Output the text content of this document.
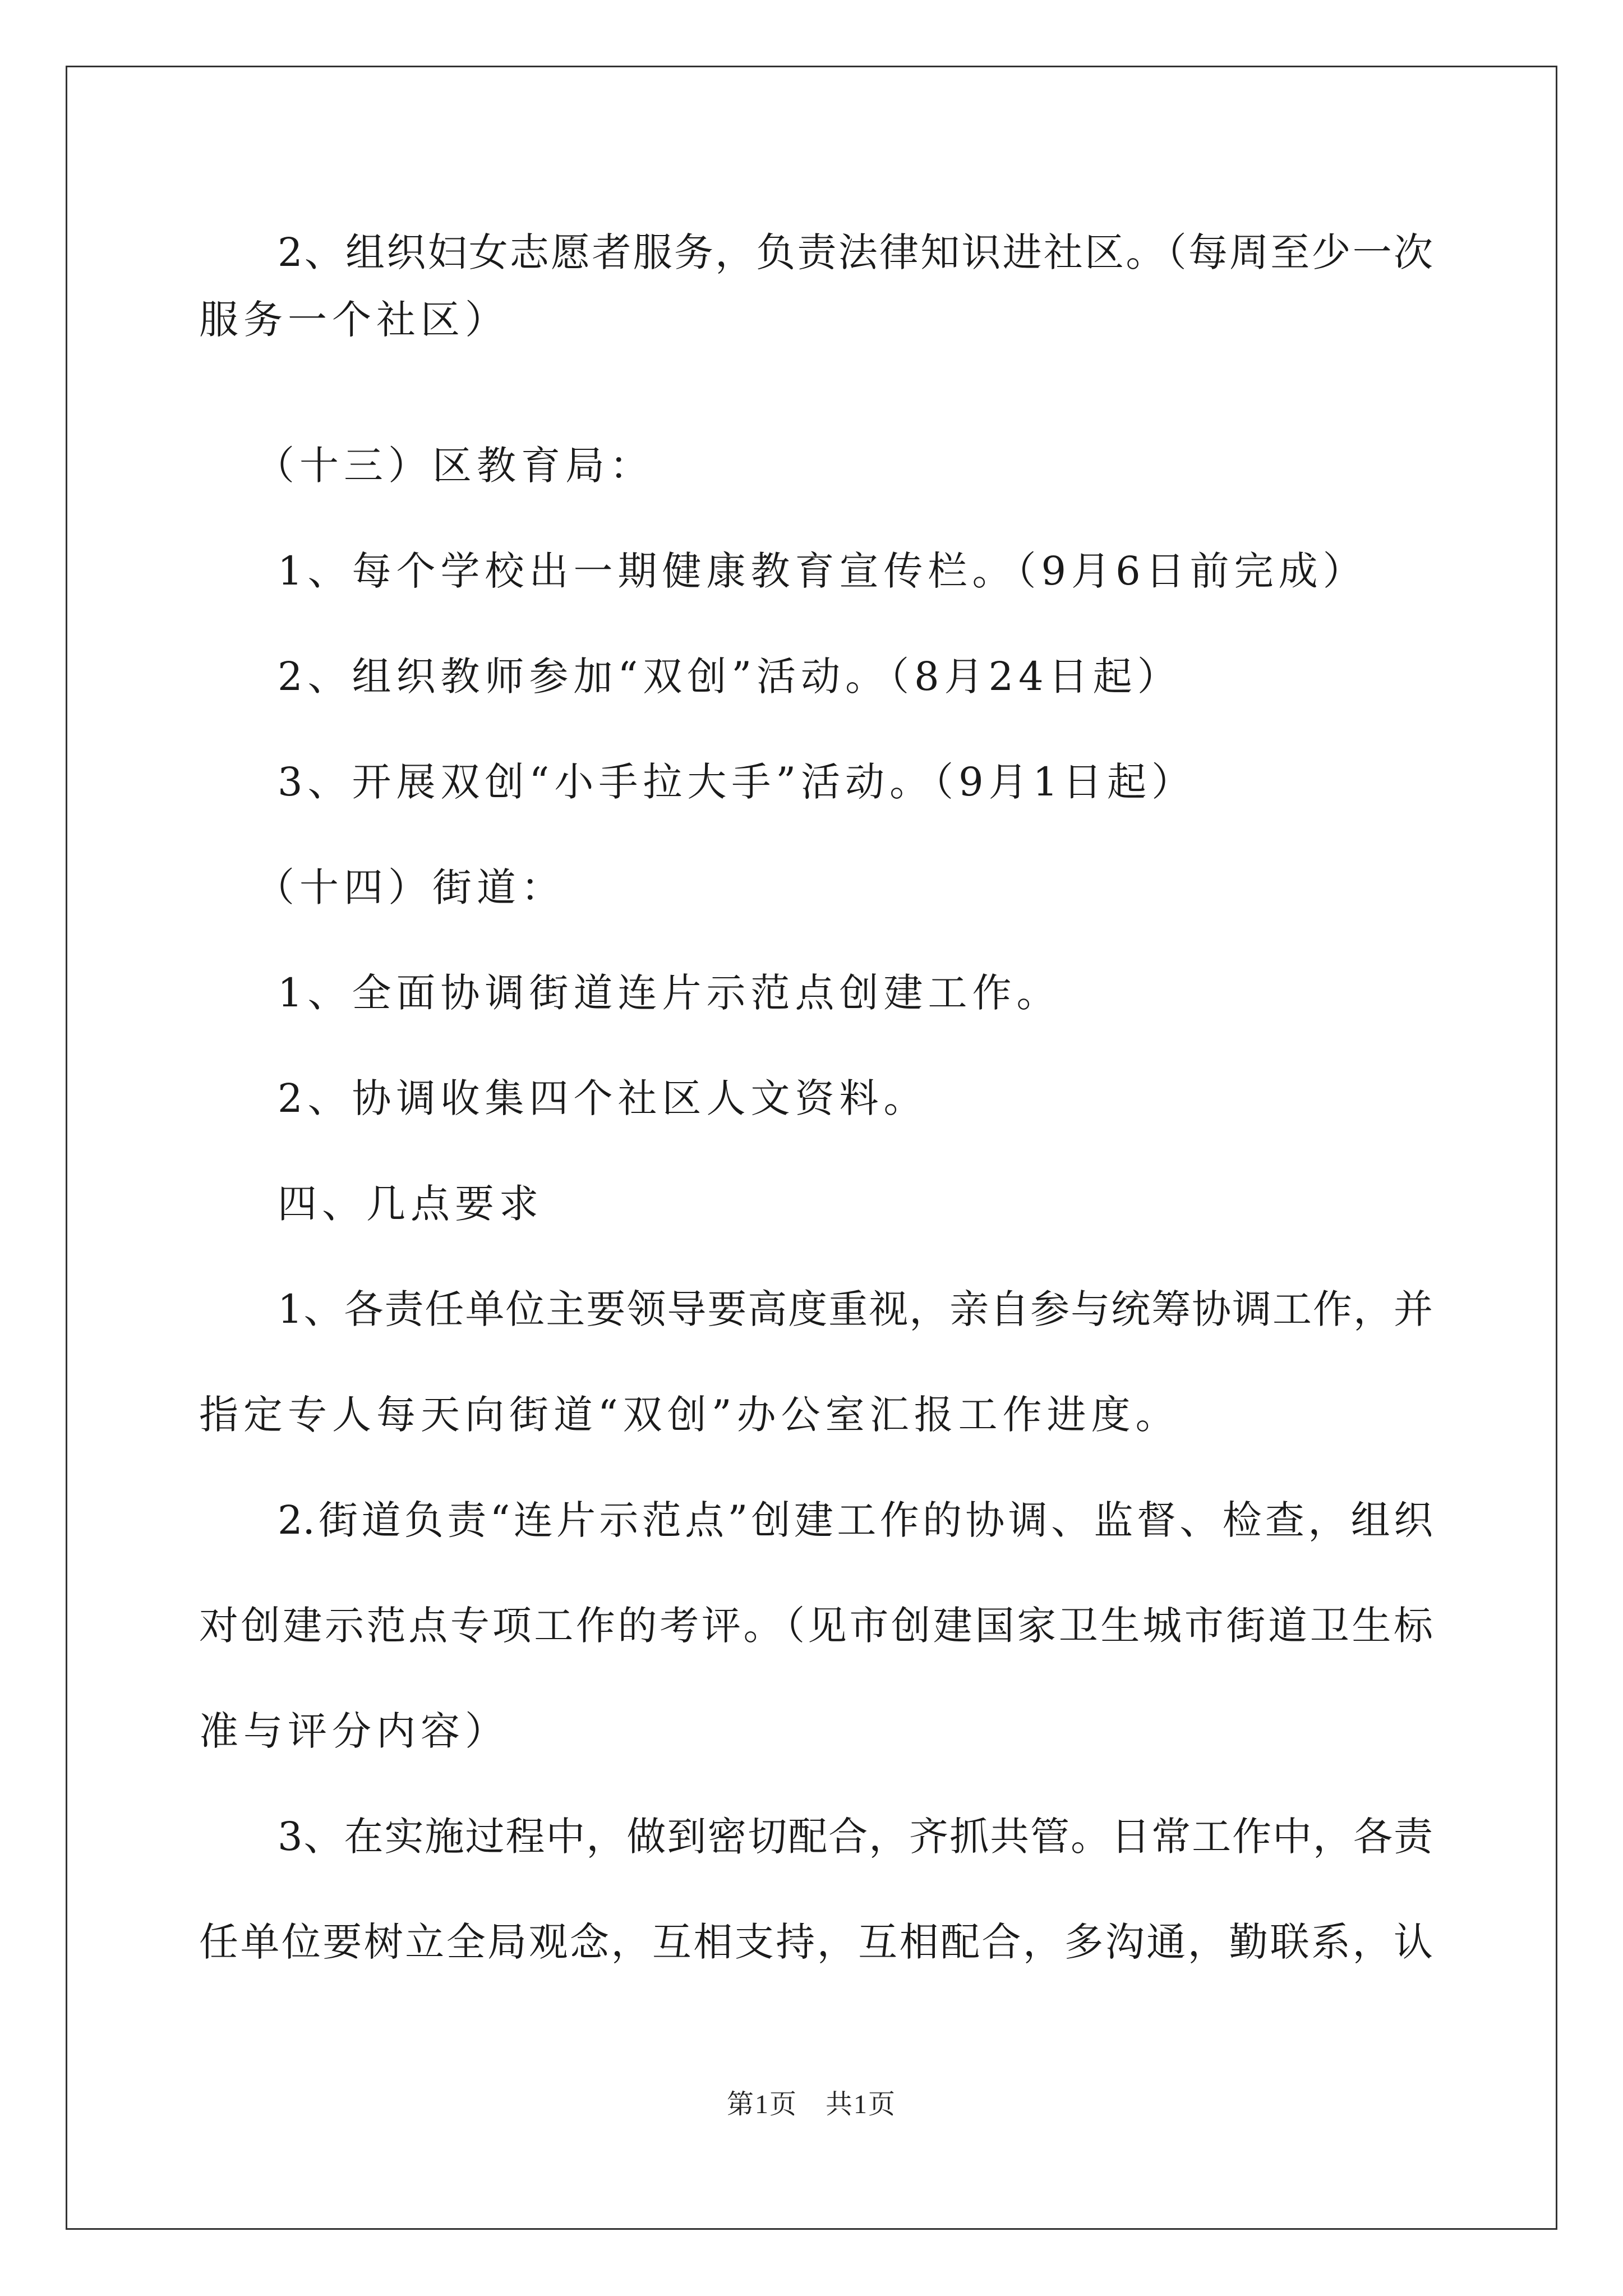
2、组织妇女志愿者服务，负责法律知识进社区。（每周至少一次
服务一个社区）
（十三）区教育局：
1、每个学校出一期健康教育宣传栏。（9月6日前完成）
2、组织教师参加“双创”活动。（8月24日起）
3、开展双创“小手拉大手”活动。（9月1日起）
（十四）街道：
1、全面协调街道连片示范点创建工作。
2、协调收集四个社区人文资料。
四、几点要求
1、各责任单位主要领导要高度重视，亲自参与统筹协调工作，并
指定专人每天向街道“双创”办公室汇报工作进度。
2.街道负责“连片示范点”创建工作的协调、监督、检查，组织
对创建示范点专项工作的考评。（见市创建国家卫生城市街道卫生标
准与评分内容）
3、在实施过程中，做到密切配合，齐抓共管。日常工作中，各责
任单位要树立全局观念，互相支持，互相配合，多沟通，勤联系，认
第1页　共1页
